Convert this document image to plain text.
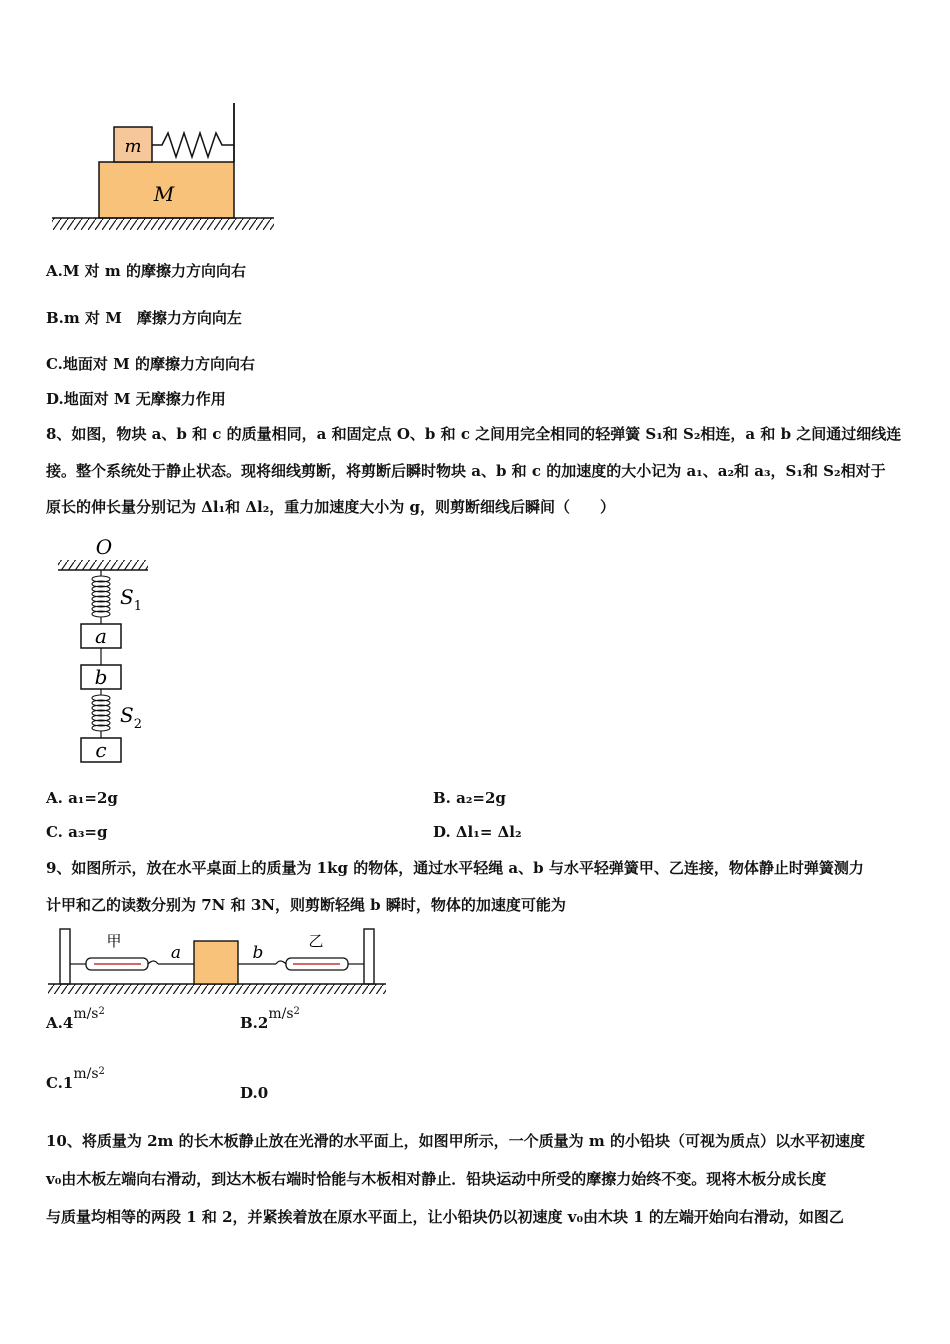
m
M
A.M 对 m 的摩擦力方向向右
B.m 对 M　摩擦力方向向左
C.地面对 M 的摩擦力方向向右
D.地面对 M 无摩擦力作用
8、如图，物块 a、b 和 c 的质量相同，a 和固定点 O、b 和 c 之间用完全相同的轻弹簧 S₁和 S₂相连，a 和 b 之间通过细线连
接。整个系统处于静止状态。现将细线剪断，将剪断后瞬时物块 a、b 和 c 的加速度的大小记为 a₁、a₂和 a₃，S₁和 S₂相对于
原长的伸长量分别记为 Δl₁和 Δl₂，重力加速度大小为 g，则剪断细线后瞬间（　　）
O
$S_1$
a
b
$S_2$
c
A. a₁=2g	B. a₂=2g
C. a₃=g	D. Δl₁= Δl₂
9、如图所示，放在水平桌面上的质量为 1kg 的物体，通过水平轻绳 a、b 与水平轻弹簧甲、乙连接，物体静止时弹簧测力
计甲和乙的读数分别为 7N 和 3N，则剪断轻绳 b 瞬时，物体的加速度可能为
甲
a	b
乙
$A.4m/s^2$
$B.2m/s^2$
$C.1m/s^2$
D.0
10、将质量为 2m 的长木板静止放在光滑的水平面上，如图甲所示，一个质量为 m 的小铅块（可视为质点）以水平初速度
v₀由木板左端向右滑动，到达木板右端时恰能与木板相对静止．铅块运动中所受的摩擦力始终不变。现将木板分成长度
与质量均相等的两段 1 和 2，并紧挨着放在原水平面上，让小铅块仍以初速度 v₀由木块 1 的左端开始向右滑动，如图乙
